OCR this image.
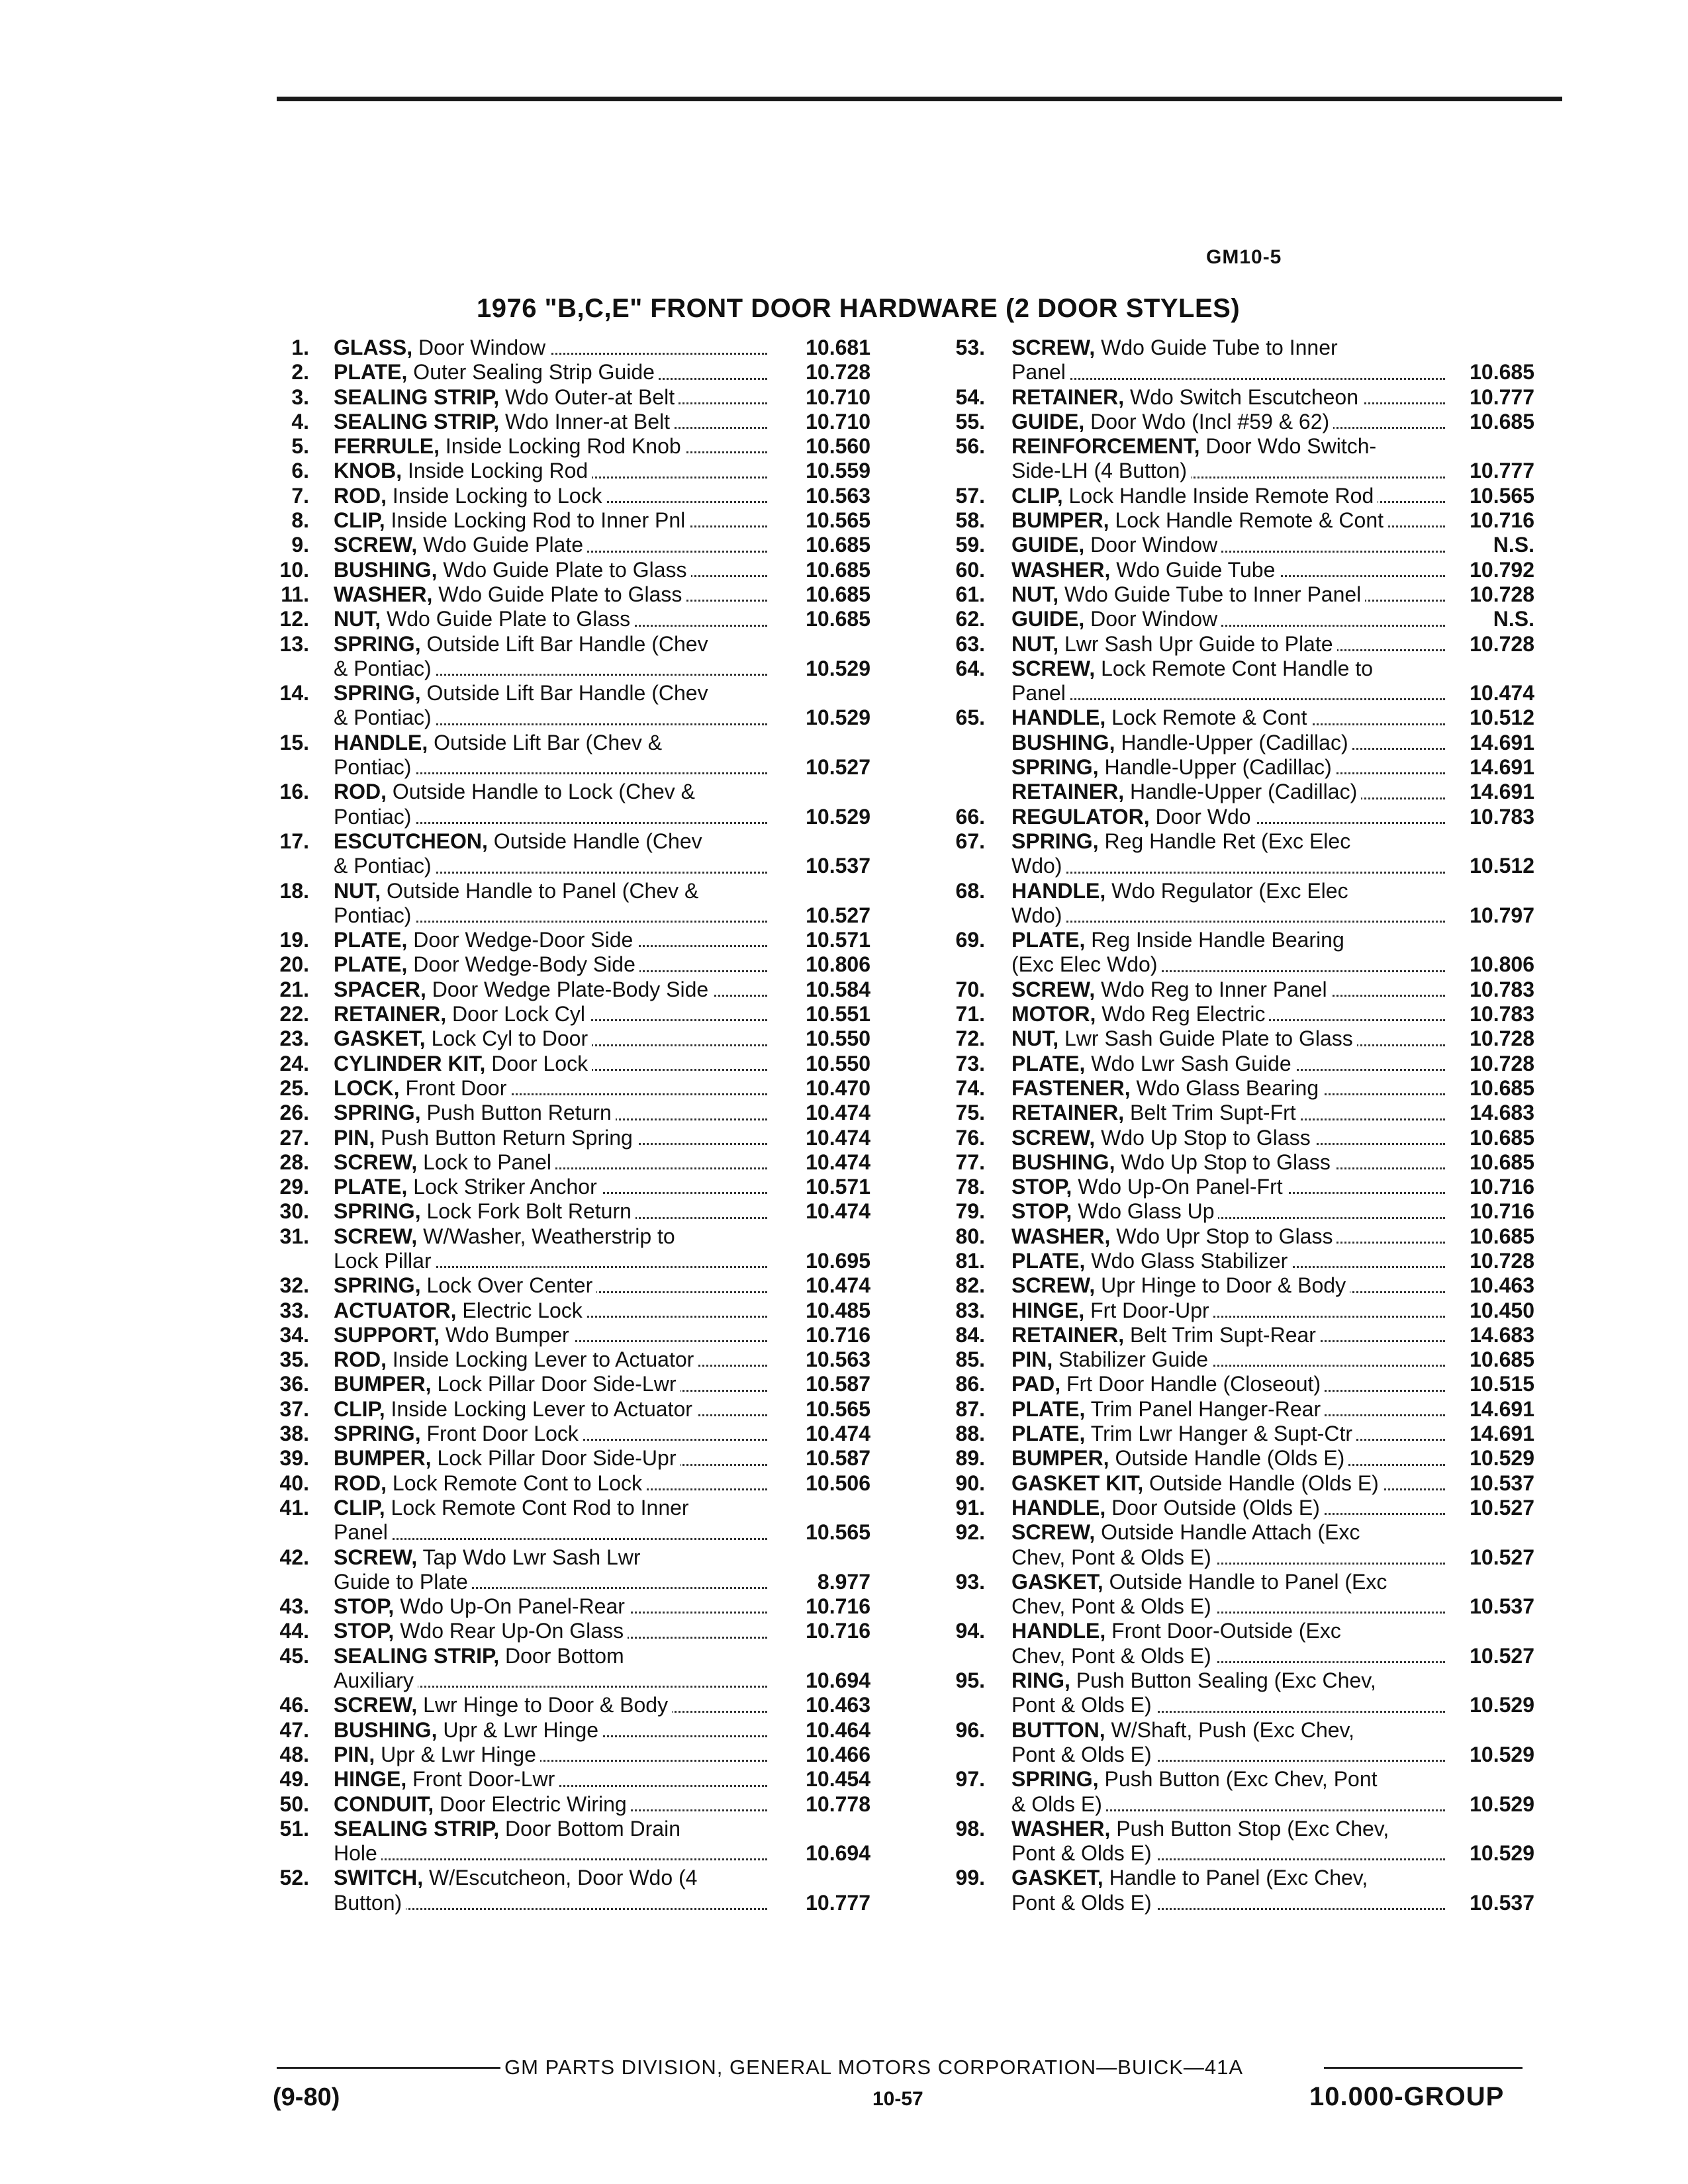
GM10-5
1976 "B,C,E" FRONT DOOR HARDWARE (2 DOOR STYLES)
1. GLASS, Door Window	10.681
2. PLATE, Outer Sealing Strip Guide	10.728
3. SEALING STRIP, Wdo Outer-at Belt	10.710
4. SEALING STRIP, Wdo Inner-at Belt	10.710
5. FERRULE, Inside Locking Rod Knob	10.560
6. KNOB, Inside Locking Rod	10.559
7. ROD, Inside Locking to Lock	10.563
8. CLIP, Inside Locking Rod to Inner Pnl	10.565
9. SCREW, Wdo Guide Plate	10.685
10. BUSHING, Wdo Guide Plate to Glass	10.685
11. WASHER, Wdo Guide Plate to Glass	10.685
12. NUT, Wdo Guide Plate to Glass	10.685
13. SPRING, Outside Lift Bar Handle (Chev
& Pontiac)	10.529
14. SPRING, Outside Lift Bar Handle (Chev
& Pontiac)	10.529
15. HANDLE, Outside Lift Bar (Chev &
Pontiac)	10.527
16. ROD, Outside Handle to Lock (Chev &
Pontiac)	10.529
17. ESCUTCHEON, Outside Handle (Chev
& Pontiac)	10.537
18. NUT, Outside Handle to Panel (Chev &
Pontiac)	10.527
19. PLATE, Door Wedge-Door Side	10.571
20. PLATE, Door Wedge-Body Side	10.806
21. SPACER, Door Wedge Plate-Body Side	10.584
22. RETAINER, Door Lock Cyl	10.551
23. GASKET, Lock Cyl to Door	10.550
24. CYLINDER KIT, Door Lock	10.550
25. LOCK, Front Door	10.470
26. SPRING, Push Button Return	10.474
27. PIN, Push Button Return Spring	10.474
28. SCREW, Lock to Panel	10.474
29. PLATE, Lock Striker Anchor	10.571
30. SPRING, Lock Fork Bolt Return	10.474
31. SCREW, W/Washer, Weatherstrip to
Lock Pillar	10.695
32. SPRING, Lock Over Center	10.474
33. ACTUATOR, Electric Lock	10.485
34. SUPPORT, Wdo Bumper	10.716
35. ROD, Inside Locking Lever to Actuator	10.563
36. BUMPER, Lock Pillar Door Side-Lwr	10.587
37. CLIP, Inside Locking Lever to Actuator	10.565
38. SPRING, Front Door Lock	10.474
39. BUMPER, Lock Pillar Door Side-Upr	10.587
40. ROD, Lock Remote Cont to Lock	10.506
41. CLIP, Lock Remote Cont Rod to Inner
Panel	10.565
42. SCREW, Tap Wdo Lwr Sash Lwr
Guide to Plate	8.977
43. STOP, Wdo Up-On Panel-Rear	10.716
44. STOP, Wdo Rear Up-On Glass	10.716
45. SEALING STRIP, Door Bottom
Auxiliary	10.694
46. SCREW, Lwr Hinge to Door & Body	10.463
47. BUSHING, Upr & Lwr Hinge	10.464
48. PIN, Upr & Lwr Hinge	10.466
49. HINGE, Front Door-Lwr	10.454
50. CONDUIT, Door Electric Wiring	10.778
51. SEALING STRIP, Door Bottom Drain
Hole	10.694
52. SWITCH, W/Escutcheon, Door Wdo (4
Button)	10.777
53. SCREW, Wdo Guide Tube to Inner
Panel	10.685
54. RETAINER, Wdo Switch Escutcheon	10.777
55. GUIDE, Door Wdo (Incl #59 & 62)	10.685
56. REINFORCEMENT, Door Wdo Switch-
Side-LH (4 Button)	10.777
57. CLIP, Lock Handle Inside Remote Rod	10.565
58. BUMPER, Lock Handle Remote & Cont	10.716
59. GUIDE, Door Window	N.S.
60. WASHER, Wdo Guide Tube	10.792
61. NUT, Wdo Guide Tube to Inner Panel	10.728
62. GUIDE, Door Window	N.S.
63. NUT, Lwr Sash Upr Guide to Plate	10.728
64. SCREW, Lock Remote Cont Handle to
Panel	10.474
65. HANDLE, Lock Remote & Cont	10.512
BUSHING, Handle-Upper (Cadillac)	14.691
SPRING, Handle-Upper (Cadillac)	14.691
RETAINER, Handle-Upper (Cadillac)	14.691
66. REGULATOR, Door Wdo	10.783
67. SPRING, Reg Handle Ret (Exc Elec
Wdo)	10.512
68. HANDLE, Wdo Regulator (Exc Elec
Wdo)	10.797
69. PLATE, Reg Inside Handle Bearing
(Exc Elec Wdo)	10.806
70. SCREW, Wdo Reg to Inner Panel	10.783
71. MOTOR, Wdo Reg Electric	10.783
72. NUT, Lwr Sash Guide Plate to Glass	10.728
73. PLATE, Wdo Lwr Sash Guide	10.728
74. FASTENER, Wdo Glass Bearing	10.685
75. RETAINER, Belt Trim Supt-Frt	14.683
76. SCREW, Wdo Up Stop to Glass	10.685
77. BUSHING, Wdo Up Stop to Glass	10.685
78. STOP, Wdo Up-On Panel-Frt	10.716
79. STOP, Wdo Glass Up	10.716
80. WASHER, Wdo Upr Stop to Glass	10.685
81. PLATE, Wdo Glass Stabilizer	10.728
82. SCREW, Upr Hinge to Door & Body	10.463
83. HINGE, Frt Door-Upr	10.450
84. RETAINER, Belt Trim Supt-Rear	14.683
85. PIN, Stabilizer Guide	10.685
86. PAD, Frt Door Handle (Closeout)	10.515
87. PLATE, Trim Panel Hanger-Rear	14.691
88. PLATE, Trim Lwr Hanger & Supt-Ctr	14.691
89. BUMPER, Outside Handle (Olds E)	10.529
90. GASKET KIT, Outside Handle (Olds E)	10.537
91. HANDLE, Door Outside (Olds E)	10.527
92. SCREW, Outside Handle Attach (Exc
Chev, Pont & Olds E)	10.527
93. GASKET, Outside Handle to Panel (Exc
Chev, Pont & Olds E)	10.537
94. HANDLE, Front Door-Outside (Exc
Chev, Pont & Olds E)	10.527
95. RING, Push Button Sealing (Exc Chev,
Pont & Olds E)	10.529
96. BUTTON, W/Shaft, Push (Exc Chev,
Pont & Olds E)	10.529
97. SPRING, Push Button (Exc Chev, Pont
& Olds E)	10.529
98. WASHER, Push Button Stop (Exc Chev,
Pont & Olds E)	10.529
99. GASKET, Handle to Panel (Exc Chev,
Pont & Olds E)	10.537
GM PARTS DIVISION, GENERAL MOTORS CORPORATION—BUICK—41A
(9-80)	10-57	10.000-GROUP
